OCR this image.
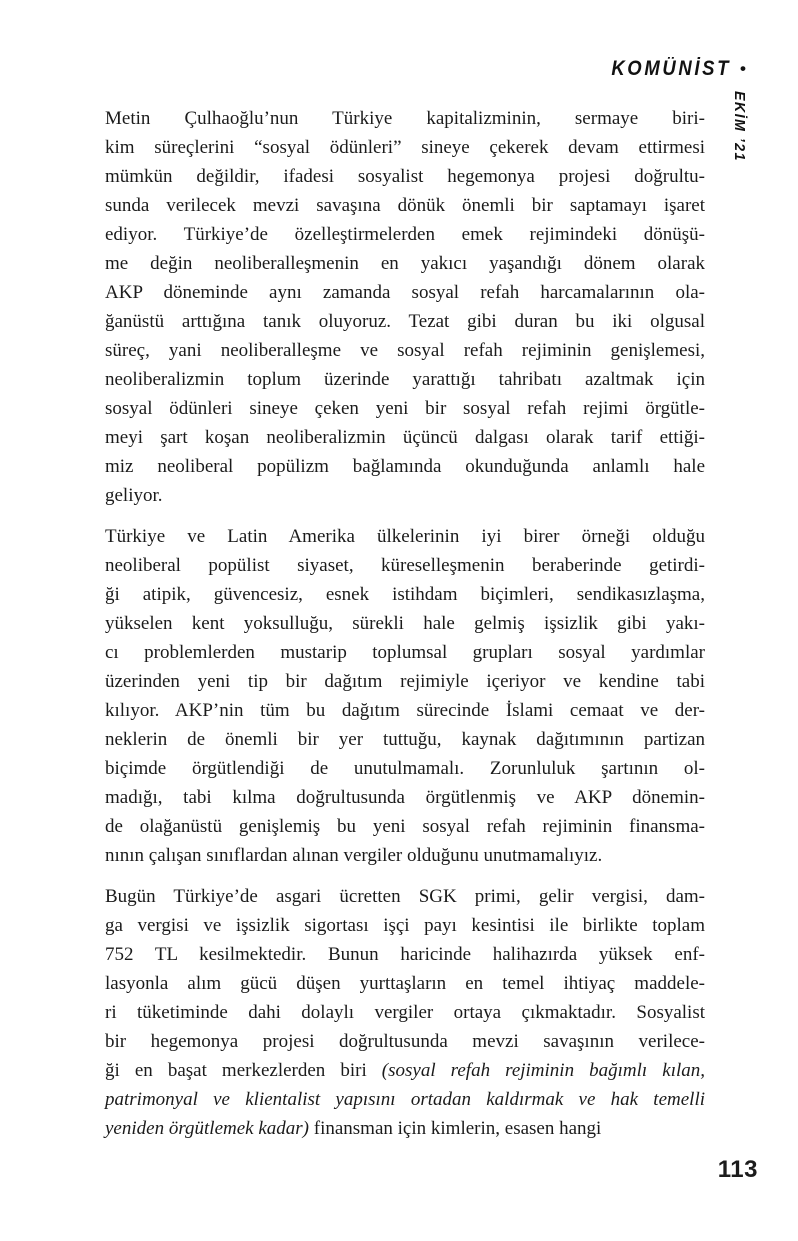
KOMÜNİST •
EKİM ’21
Metin Çulhaoğlu’nun Türkiye kapitalizminin, sermaye biri-
kim süreçlerini “sosyal ödünleri” sineye çekerek devam ettirmesi
mümkün değildir, ifadesi sosyalist hegemonya projesi doğrultu-
sunda verilecek mevzi savaşına dönük önemli bir saptamayı işaret
ediyor. Türkiye’de özelleştirmelerden emek rejimindeki dönüşü-
me değin neoliberalleşmenin en yakıcı yaşandığı dönem olarak
AKP döneminde aynı zamanda sosyal refah harcamalarının ola-
ğanüstü arttığına tanık oluyoruz. Tezat gibi duran bu iki olgusal
süreç, yani neoliberalleşme ve sosyal refah rejiminin genişlemesi,
neoliberalizmin toplum üzerinde yarattığı tahribatı azaltmak için
sosyal ödünleri sineye çeken yeni bir sosyal refah rejimi örgütle-
meyi şart koşan neoliberalizmin üçüncü dalgası olarak tarif ettiği-
miz neoliberal popülizm bağlamında okunduğunda anlamlı hale
geliyor.
Türkiye ve Latin Amerika ülkelerinin iyi birer örneği olduğu
neoliberal popülist siyaset, küreselleşmenin beraberinde getirdi-
ği atipik, güvencesiz, esnek istihdam biçimleri, sendikasızlaşma,
yükselen kent yoksulluğu, sürekli hale gelmiş işsizlik gibi yakı-
cı problemlerden mustarip toplumsal grupları sosyal yardımlar
üzerinden yeni tip bir dağıtım rejimiyle içeriyor ve kendine tabi
kılıyor. AKP’nin tüm bu dağıtım sürecinde İslami cemaat ve der-
neklerin de önemli bir yer tuttuğu, kaynak dağıtımının partizan
biçimde örgütlendiği de unutulmamalı. Zorunluluk şartının ol-
madığı, tabi kılma doğrultusunda örgütlenmiş ve AKP dönemin-
de olağanüstü genişlemiş bu yeni sosyal refah rejiminin finansma-
nının çalışan sınıflardan alınan vergiler olduğunu unutmamalıyız.
Bugün Türkiye’de asgari ücretten SGK primi, gelir vergisi, dam-
ga vergisi ve işsizlik sigortası işçi payı kesintisi ile birlikte toplam
752 TL kesilmektedir. Bunun haricinde halihazırda yüksek enf-
lasyonla alım gücü düşen yurttaşların en temel ihtiyaç maddele-
ri tüketiminde dahi dolaylı vergiler ortaya çıkmaktadır. Sosyalist
bir hegemonya projesi doğrultusunda mevzi savaşının verilece-
ği en başat merkezlerden biri (sosyal refah rejiminin bağımlı kılan,
patrimonyal ve klientalist yapısını ortadan kaldırmak ve hak temelli
yeniden örgütlemek kadar) finansman için kimlerin, esasen hangi
113
